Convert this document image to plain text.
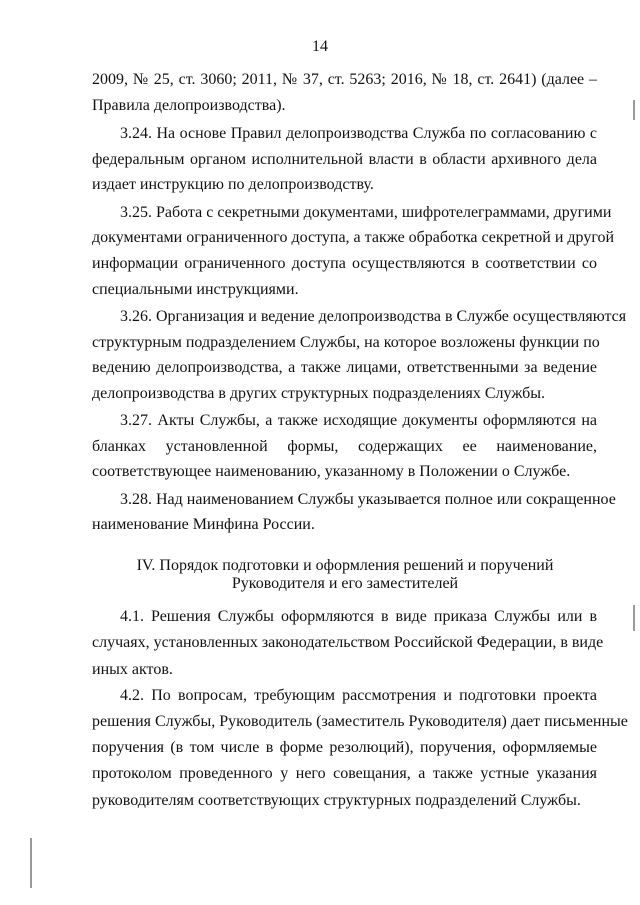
14
2009, № 25, ст. 3060; 2011, № 37, ст. 5263; 2016, № 18, ст. 2641) (далее –
Правила делопроизводства).
3.24. На основе Правил делопроизводства Служба по согласованию с
федеральным органом исполнительной власти в области архивного дела
издает инструкцию по делопроизводству.
3.25. Работа с секретными документами, шифротелеграммами, другими
документами ограниченного доступа, а также обработка секретной и другой
информации ограниченного доступа осуществляются в соответствии со
специальными инструкциями.
3.26. Организация и ведение делопроизводства в Службе осуществляются
структурным подразделением Службы, на которое возложены функции по
ведению делопроизводства, а также лицами, ответственными за ведение
делопроизводства в других структурных подразделениях Службы.
3.27. Акты Службы, а также исходящие документы оформляются на
бланках установленной формы, содержащих ее наименование,
соответствующее наименованию, указанному в Положении о Службе.
3.28. Над наименованием Службы указывается полное или сокращенное
наименование Минфина России.
IV. Порядок подготовки и оформления решений и поручений
Руководителя и его заместителей
4.1. Решения Службы оформляются в виде приказа Службы или в
случаях, установленных законодательством Российской Федерации, в виде
иных актов.
4.2. По вопросам, требующим рассмотрения и подготовки проекта
решения Службы, Руководитель (заместитель Руководителя) дает письменные
поручения (в том числе в форме резолюций), поручения, оформляемые
протоколом проведенного у него совещания, а также устные указания
руководителям соответствующих структурных подразделений Службы.
